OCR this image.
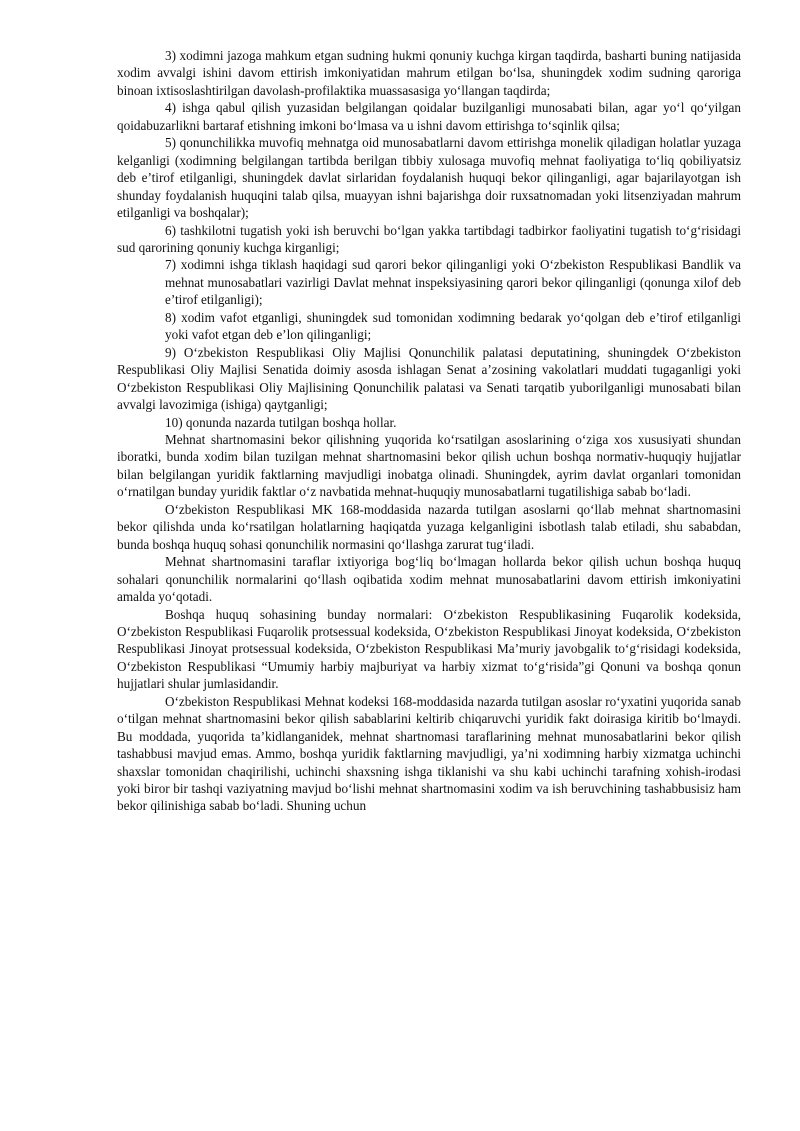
3) xodimni jazoga mahkum etgan sudning hukmi qonuniy kuchga kirgan taqdirda, basharti buning natijasida xodim avvalgi ishini davom ettirish imkoniyatidan mahrum etilgan bo‘lsa, shuningdek xodim sudning qaroriga binoan ixtisoslashtirilgan davolash-profilaktika muassasasiga yo‘llangan taqdirda;

4) ishga qabul qilish yuzasidan belgilangan qoidalar buzilganligi munosabati bilan, agar yo‘l qo‘yilgan qoidabuzarlikni bartaraf etishning imkoni bo‘lmasa va u ishni davom ettirishga to‘sqinlik qilsa;

5) qonunchilikka muvofiq mehnatga oid munosabatlarni davom ettirishga monelik qiladigan holatlar yuzaga kelganligi (xodimning belgilangan tartibda berilgan tibbiy xulosaga muvofiq mehnat faoliyatiga to‘liq qobiliyatsiz deb e’tirof etilganligi, shuningdek davlat sirlaridan foydalanish huquqi bekor qilinganligi, agar bajarilayotgan ish shunday foydalanish huquqini talab qilsa, muayyan ishni bajarishga doir ruxsatnomadan yoki litsenziyadan mahrum etilganligi va boshqalar);

6) tashkilotni tugatish yoki ish beruvchi bo‘lgan yakka tartibdagi tadbirkor faoliyatini tugatish to‘g‘risidagi sud qarorining qonuniy kuchga kirganligi;

7) xodimni ishga tiklash haqidagi sud qarori bekor qilinganligi yoki O‘zbekiston Respublikasi Bandlik va mehnat munosabatlari vazirligi Davlat mehnat inspeksiyasining qarori bekor qilinganligi (qonunga xilof deb e’tirof etilganligi);

8) xodim vafot etganligi, shuningdek sud tomonidan xodimning bedarak yo‘qolgan deb e’tirof etilganligi yoki vafot etgan deb e’lon qilinganligi;

9) O‘zbekiston Respublikasi Oliy Majlisi Qonunchilik palatasi deputatining, shuningdek O‘zbekiston Respublikasi Oliy Majlisi Senatida doimiy asosda ishlagan Senat a’zosining vakolatlari muddati tugaganligi yoki O‘zbekiston Respublikasi Oliy Majlisining Qonunchilik palatasi va Senati tarqatib yuborilganligi munosabati bilan avvalgi lavozimiga (ishiga) qaytganligi;

10) qonunda nazarda tutilgan boshqa hollar.

Mehnat shartnomasini bekor qilishning yuqorida ko‘rsatilgan asoslarining o‘ziga xos xususiyati shundan iboratki, bunda xodim bilan tuzilgan mehnat shartnomasini bekor qilish uchun boshqa normativ-huquqiy hujjatlar bilan belgilangan yuridik faktlarning mavjudligi inobatga olinadi. Shuningdek, ayrim davlat organlari tomonidan o‘rnatilgan bunday yuridik faktlar o‘z navbatida mehnat-huquqiy munosabatlarni tugatilishiga sabab bo‘ladi.

O‘zbekiston Respublikasi MK 168-moddasida nazarda tutilgan asoslarni qo‘llab mehnat shartnomasini bekor qilishda unda ko‘rsatilgan holatlarning haqiqatda yuzaga kelganligini isbotlash talab etiladi, shu sababdan, bunda boshqa huquq sohasi qonunchilik normasini qo‘llashga zarurat tug‘iladi.

Mehnat shartnomasini taraflar ixtiyoriga bog‘liq bo‘lmagan hollarda bekor qilish uchun boshqa huquq sohalari qonunchilik normalarini qo‘llash oqibatida xodim mehnat munosabatlarini davom ettirish imkoniyatini amalda yo‘qotadi.

Boshqa huquq sohasining bunday normalari: O‘zbekiston Respublikasining Fuqarolik kodeksida, O‘zbekiston Respublikasi Fuqarolik protsessual kodeksida, O‘zbekiston Respublikasi Jinoyat kodeksida, O‘zbekiston Respublikasi Jinoyat protsessual kodeksida, O‘zbekiston Respublikasi Ma’muriy javobgalik to‘g‘risidagi kodeksida, O‘zbekiston Respublikasi “Umumiy harbiy majburiyat va harbiy xizmat to‘g‘risida”gi Qonuni va boshqa qonun hujjatlari shular jumlasidandir.

O‘zbekiston Respublikasi Mehnat kodeksi 168-moddasida nazarda tutilgan asoslar ro‘yxatini yuqorida sanab o‘tilgan mehnat shartnomasini bekor qilish sabablarini keltirib chiqaruvchi yuridik fakt doirasiga kiritib bo‘lmaydi. Bu moddada, yuqorida ta’kidlanganidek, mehnat shartnomasi taraflarining mehnat munosabatlarini bekor qilish tashabbusi mavjud emas. Ammo, boshqa yuridik faktlarning mavjudligi, ya’ni xodimning harbiy xizmatga uchinchi shaxslar tomonidan chaqirilishi, uchinchi shaxsning ishga tiklanishi va shu kabi uchinchi tarafning xohish-irodasi yoki biror bir tashqi vaziyatning mavjud bo‘lishi mehnat shartnomasini xodim va ish beruvchining tashabbusisiz ham bekor qilinishiga sabab bo‘ladi. Shuning uchun
